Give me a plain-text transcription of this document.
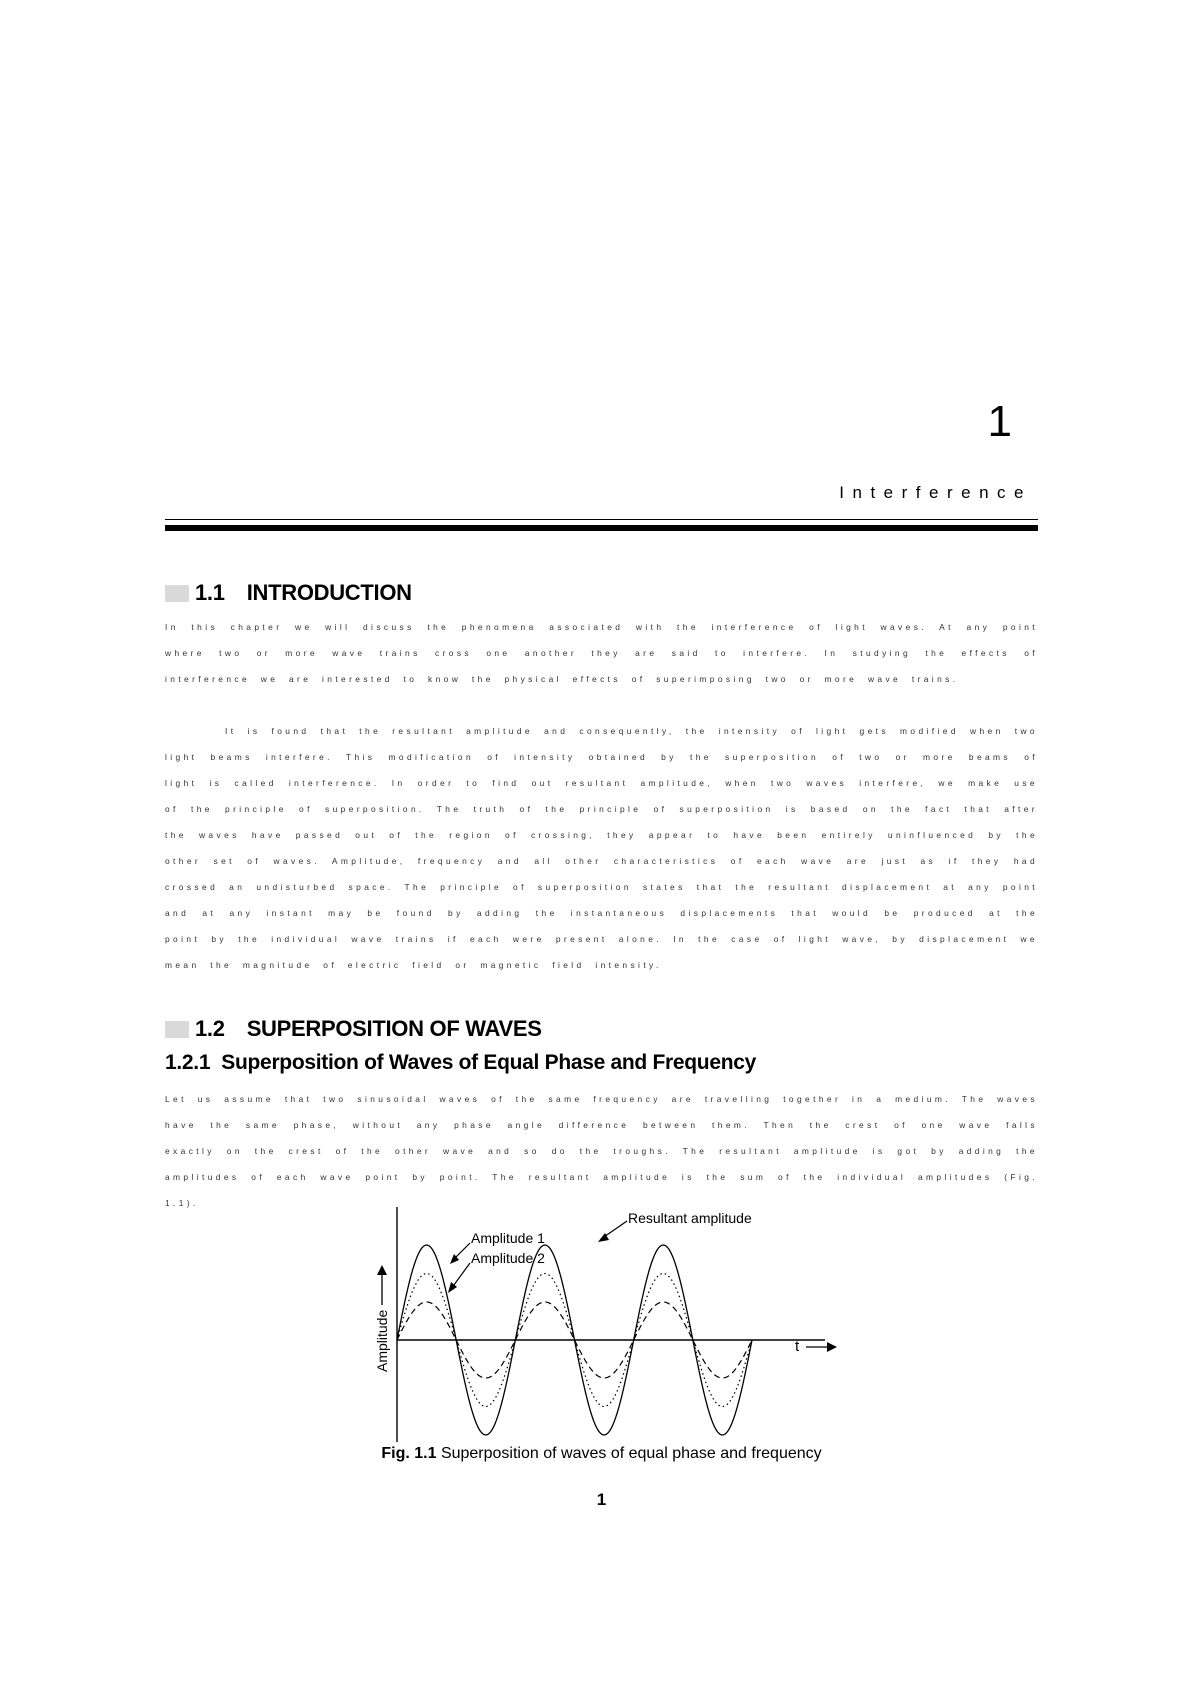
1
Interference
1.1 INTRODUCTION
In this chapter we will discuss the phenomena associated with the interference of light waves. At any point where two or more wave trains cross one another they are said to interfere. In studying the effects of interference we are interested to know the physical effects of superimposing two or more wave trains.
It is found that the resultant amplitude and consequently, the intensity of light gets modified when two light beams interfere. This modification of intensity obtained by the superposition of two or more beams of light is called interference. In order to find out resultant amplitude, when two waves interfere, we make use of the principle of superposition. The truth of the principle of superposition is based on the fact that after the waves have passed out of the region of crossing, they appear to have been entirely uninfluenced by the other set of waves. Amplitude, frequency and all other characteristics of each wave are just as if they had crossed an undisturbed space. The principle of superposition states that the resultant displacement at any point and at any instant may be found by adding the instantaneous displacements that would be produced at the point by the individual wave trains if each were present alone. In the case of light wave, by displacement we mean the magnitude of electric field or magnetic field intensity.
1.2 SUPERPOSITION OF WAVES
1.2.1 Superposition of Waves of Equal Phase and Frequency
Let us assume that two sinusoidal waves of the same frequency are travelling together in a medium. The waves have the same phase, without any phase angle difference between them. Then the crest of one wave falls exactly on the crest of the other wave and so do the troughs. The resultant amplitude is got by adding the amplitudes of each wave point by point. The resultant amplitude is the sum of the individual amplitudes (Fig. 1.1).
Amplitude	t
Resultant amplitude
Amplitude 1
Amplitude 2
Fig. 1.1 Superposition of waves of equal phase and frequency
1
